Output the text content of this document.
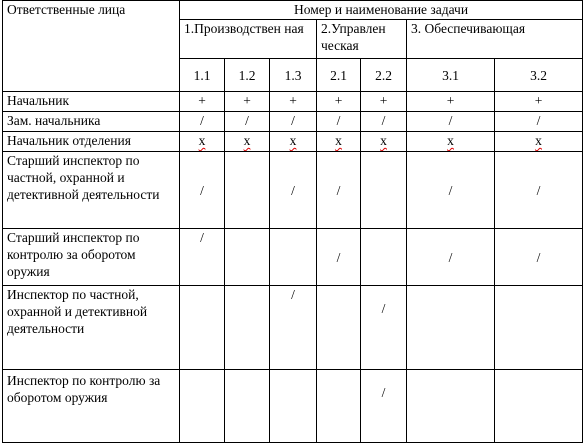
Ответственные лица	Номер и наименование задачи						

	1.Производствен ная			2.Управлен ческая		3. Обеспечивающая	

	1.1	1.2	1.3	2.1	2.2	3.1	3.2
Начальник	+	+	+	+	+	+	+
Зам. начальника	/	/	/	/	/	/	/
Начальник отделения	x	x	x	x	x	x	x
Старший инспектор по частной, охранной и детективной деятельности	/		/	/		/	/
Старший инспектор по контролю за оборотом оружия	/			/		/	/
Инспектор по частной, охранной и детективной деятельности			/		/		
Инспектор по контролю за оборотом оружия					/		
